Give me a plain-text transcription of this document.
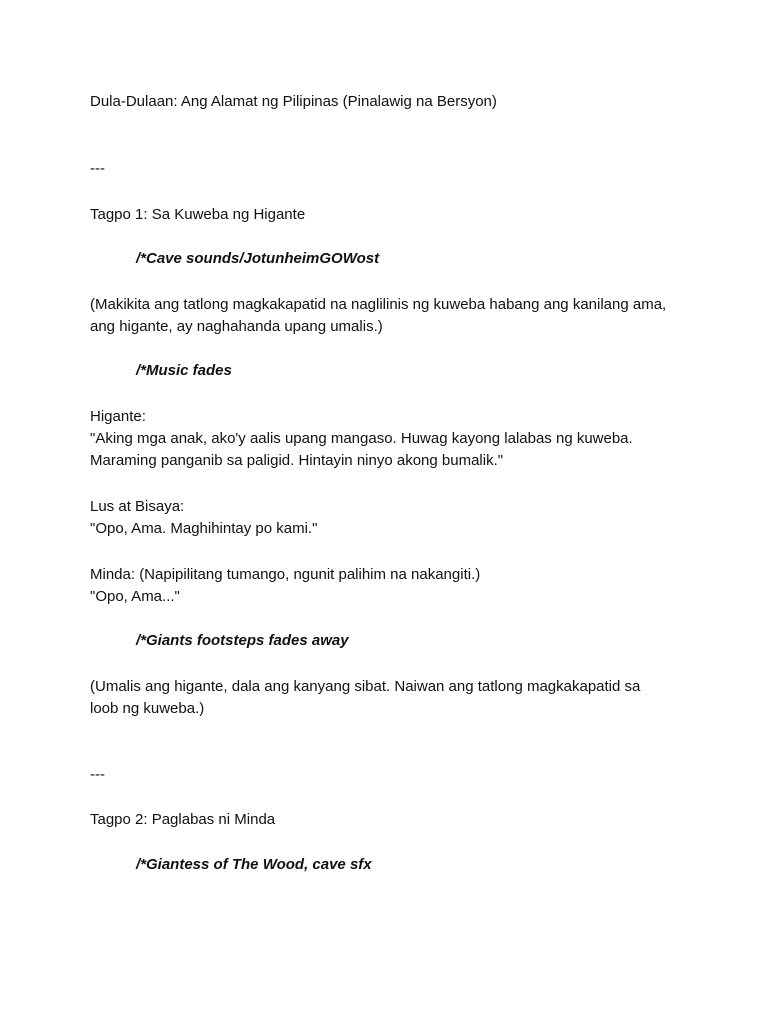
Dula-Dulaan: Ang Alamat ng Pilipinas (Pinalawig na Bersyon)
---
Tagpo 1: Sa Kuweba ng Higante
/*Cave sounds/JotunheimGOWost
(Makikita ang tatlong magkakapatid na naglilinis ng kuweba habang ang kanilang ama,
ang higante, ay naghahanda upang umalis.)
/*Music fades
Higante:
"Aking mga anak, ako'y aalis upang mangaso. Huwag kayong lalabas ng kuweba.
Maraming panganib sa paligid. Hintayin ninyo akong bumalik."
Lus at Bisaya:
"Opo, Ama. Maghihintay po kami."
Minda: (Napipilitang tumango, ngunit palihim na nakangiti.)
"Opo, Ama..."
/*Giants footsteps fades away
(Umalis ang higante, dala ang kanyang sibat. Naiwan ang tatlong magkakapatid sa
loob ng kuweba.)
---
Tagpo 2: Paglabas ni Minda
/*Giantess of The Wood, cave sfx
